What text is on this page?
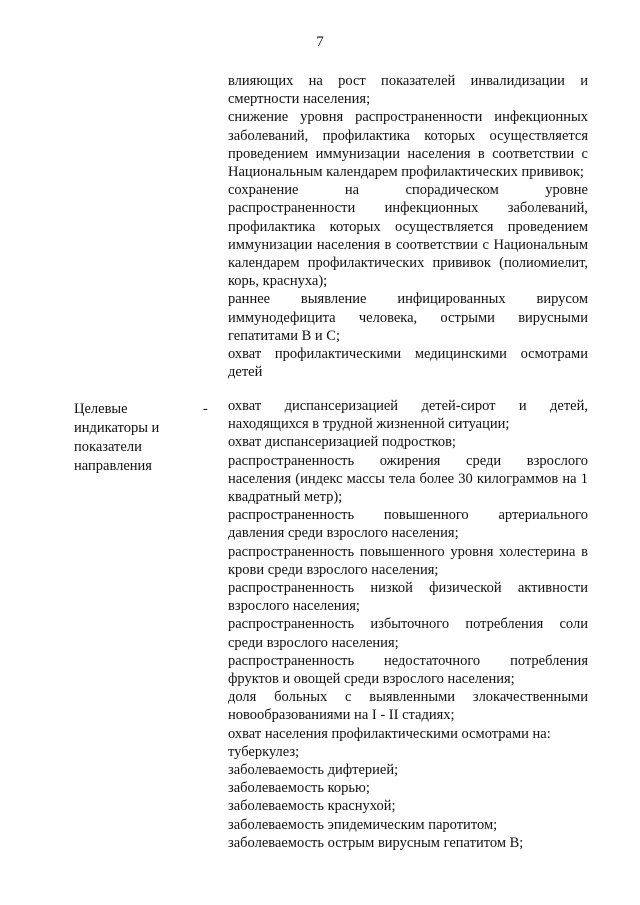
7
влияющих на рост показателей инвалидизации и смертности населения;
снижение уровня распространенности инфекционных заболеваний, профилактика которых осуществляется проведением иммунизации населения в соответствии с Национальным календарем профилактических прививок;
сохранение на спорадическом уровне распространенности инфекционных заболеваний, профилактика которых осуществляется проведением иммунизации населения в соответствии с Национальным календарем профилактических прививок (полиомиелит, корь, краснуха);
раннее выявление инфицированных вирусом иммунодефицита человека, острыми вирусными гепатитами B и C;
охват профилактическими медицинскими осмотрами детей
Целевые индикаторы и показатели направления
- охват диспансеризацией детей-сирот и детей, находящихся в трудной жизненной ситуации;
охват диспансеризацией подростков;
распространенность ожирения среди взрослого населения (индекс массы тела более 30 килограммов на 1 квадратный метр);
распространенность повышенного артериального давления среди взрослого населения;
распространенность повышенного уровня холестерина в крови среди взрослого населения;
распространенность низкой физической активности взрослого населения;
распространенность избыточного потребления соли среди взрослого населения;
распространенность недостаточного потребления фруктов и овощей среди взрослого населения;
доля больных с выявленными злокачественными новообразованиями на I - II стадиях;
охват населения профилактическими осмотрами на:
туберкулез;
заболеваемость дифтерией;
заболеваемость корью;
заболеваемость краснухой;
заболеваемость эпидемическим паротитом;
заболеваемость острым вирусным гепатитом B;
